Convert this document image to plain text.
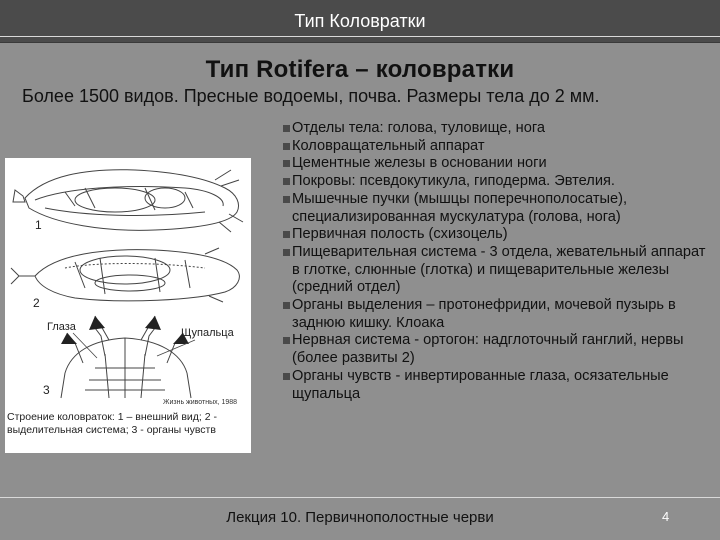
Тип Коловратки
Тип Rotifera – коловратки
Более 1500 видов. Пресные водоемы, почва. Размеры тела до 2 мм.
1
2
3
Глаза	Щупальца
Жизнь животных, 1988
Строение коловраток: 1 – внешний вид; 2 - выделительная система; 3 - органы чувств
Отделы тела: голова, туловище, нога
Коловращательный аппарат
Цементные железы в основании ноги
Покровы: псевдокутикула, гиподерма. Эвтелия.
Мышечные пучки (мышцы поперечнополосатые), специализированная мускулатура (голова, нога)
Первичная полость (схизоцель)
Пищеварительная система - 3 отдела, жевательный аппарат в глотке, слюнные (глотка) и пищеварительные железы (средний отдел)
Органы выделения – протонефридии, мочевой пузырь в заднюю кишку. Клоака
Нервная система - ортогон: надглоточный ганглий, нервы (более развиты 2)
Органы чувств - инвертированные глаза, осязательные щупальца
Лекция 10. Первичнополостные черви	4
